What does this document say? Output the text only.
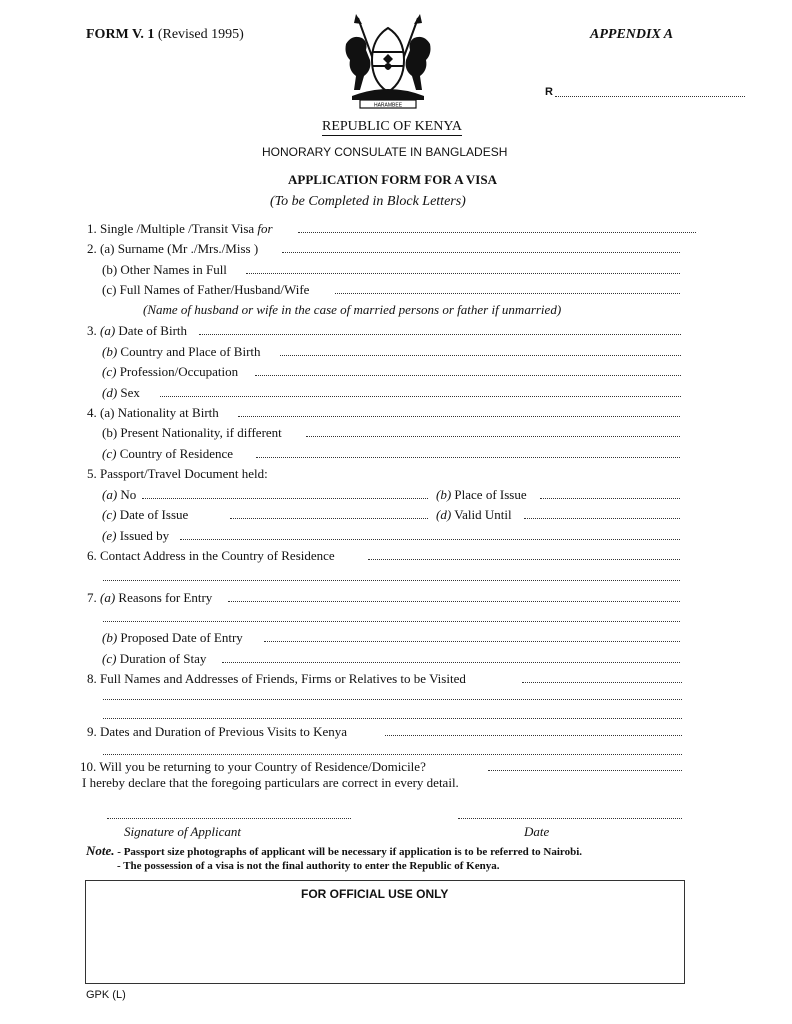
FORM V. 1 (Revised 1995)	APPENDIX A
HARAMBEE
R
REPUBLIC OF KENYA
HONORARY CONSULATE IN BANGLADESH
APPLICATION FORM FOR A VISA
(To be Completed in Block Letters)
1. Single /Multiple /Transit Visa for
2. (a) Surname (Mr ./Mrs./Miss )
(b) Other Names in Full
(c) Full Names of Father/Husband/Wife
(Name of husband or wife in the case of married persons or father if unmarried)
3. (a) Date of Birth
(b) Country and Place of Birth
(c) Profession/Occupation
(d) Sex
4. (a) Nationality at Birth
(b) Present Nationality, if different
(c) Country of Residence
5. Passport/Travel Document held:
(a) No	(b) Place of Issue
(c) Date of Issue	(d) Valid Until
(e) Issued by
6. Contact Address in the Country of Residence
7. (a) Reasons for Entry
(b) Proposed Date of Entry
(c) Duration of Stay
8. Full Names and Addresses of Friends, Firms or Relatives to be Visited
9. Dates and Duration of Previous Visits to Kenya
10. Will you be returning to your Country of Residence/Domicile?
I hereby declare that the foregoing particulars are correct in every detail.
Signature of Applicant	Date
Note. - Passport size photographs of applicant will be necessary if application is to be referred to Nairobi.
- The possession of a visa is not the final authority to enter the Republic of Kenya.
FOR OFFICIAL USE ONLY
GPK (L)
